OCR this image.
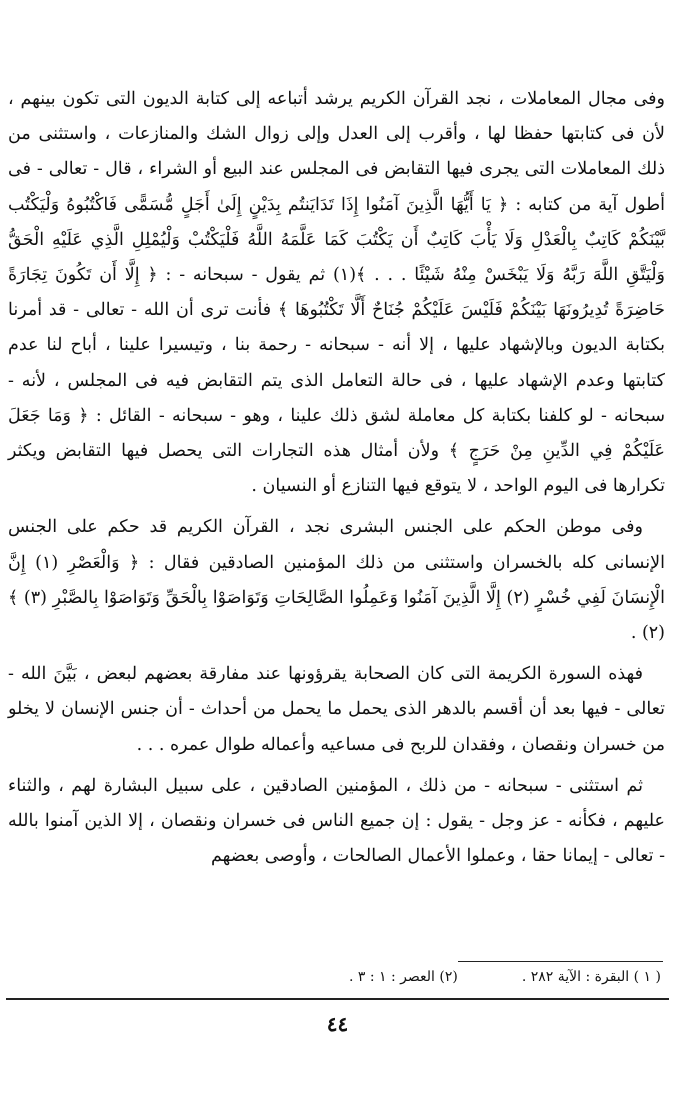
وفى مجال المعاملات ، نجد القرآن الكريم يرشد أتباعه إلى كتابة الديون التى تكون بينهم ، لأن فى كتابتها حفظا لها ، وأقرب إلى العدل وإلى زوال الشك والمنازعات ، واستثنى من ذلك المعاملات التى يجرى فيها التقابض فى المجلس عند البيع أو الشراء ، قال - تعالى - فى أطول آية من كتابه : ﴿ يَا أَيُّهَا الَّذِينَ آمَنُوا إِذَا تَدَايَنتُم بِدَيْنٍ إِلَىٰ أَجَلٍ مُّسَمًّى فَاكْتُبُوهُ وَلْيَكْتُب بَّيْنَكُمْ كَاتِبٌ بِالْعَدْلِ وَلَا يَأْبَ كَاتِبٌ أَن يَكْتُبَ كَمَا عَلَّمَهُ اللَّهُ فَلْيَكْتُبْ وَلْيُمْلِلِ الَّذِي عَلَيْهِ الْحَقُّ وَلْيَتَّقِ اللَّهَ رَبَّهُ وَلَا يَبْخَسْ مِنْهُ شَيْئًا . . . ﴾(١) ثم يقول - سبحانه - : ﴿ إِلَّا أَن تَكُونَ تِجَارَةً حَاضِرَةً تُدِيرُونَهَا بَيْنَكُمْ فَلَيْسَ عَلَيْكُمْ جُنَاحٌ أَلَّا تَكْتُبُوهَا ﴾ فأنت ترى أن الله - تعالى - قد أمرنا بكتابة الديون وبالإشهاد عليها ، إلا أنه - سبحانه - رحمة بنا ، وتيسيرا علينا ، أباح لنا عدم كتابتها وعدم الإشهاد عليها ، فى حالة التعامل الذى يتم التقابض فيه فى المجلس ، لأنه - سبحانه - لو كلفنا بكتابة كل معاملة لشق ذلك علينا ، وهو - سبحانه - القائل : ﴿ وَمَا جَعَلَ عَلَيْكُمْ فِي الدِّينِ مِنْ حَرَجٍ ﴾ ولأن أمثال هذه التجارات التى يحصل فيها التقابض ويكثر تكرارها فى اليوم الواحد ، لا يتوقع فيها التنازع أو النسيان .

وفى موطن الحكم على الجنس البشرى نجد ، القرآن الكريم قد حكم على الجنس الإنسانى كله بالخسران واستثنى من ذلك المؤمنين الصادقين فقال : ﴿ وَالْعَصْرِ (١) إِنَّ الْإِنسَانَ لَفِي خُسْرٍ (٢) إِلَّا الَّذِينَ آمَنُوا وَعَمِلُوا الصَّالِحَاتِ وَتَوَاصَوْا بِالْحَقِّ وَتَوَاصَوْا بِالصَّبْرِ (٣) ﴾(٢) .

فهذه السورة الكريمة التى كان الصحابة يقرؤونها عند مفارقة بعضهم لبعض ، بَيَّنَ الله - تعالى - فيها بعد أن أقسم بالدهر الذى يحمل ما يحمل من أحداث - أن جنس الإنسان لا يخلو من خسران ونقصان ، وفقدان للربح فى مساعيه وأعماله طوال عمره . . .

ثم استثنى - سبحانه - من ذلك ، المؤمنين الصادقين ، على سبيل البشارة لهم ، والثناء عليهم ، فكأنه - عز وجل - يقول : إن جميع الناس فى خسران ونقصان ، إلا الذين آمنوا بالله - تعالى - إيمانا حقا ، وعملوا الأعمال الصالحات ، وأوصى بعضهم

( ١ ) البقرة : الآية ٢٨٢ .
(٢) العصر : ١ : ٣ .
٤٤
